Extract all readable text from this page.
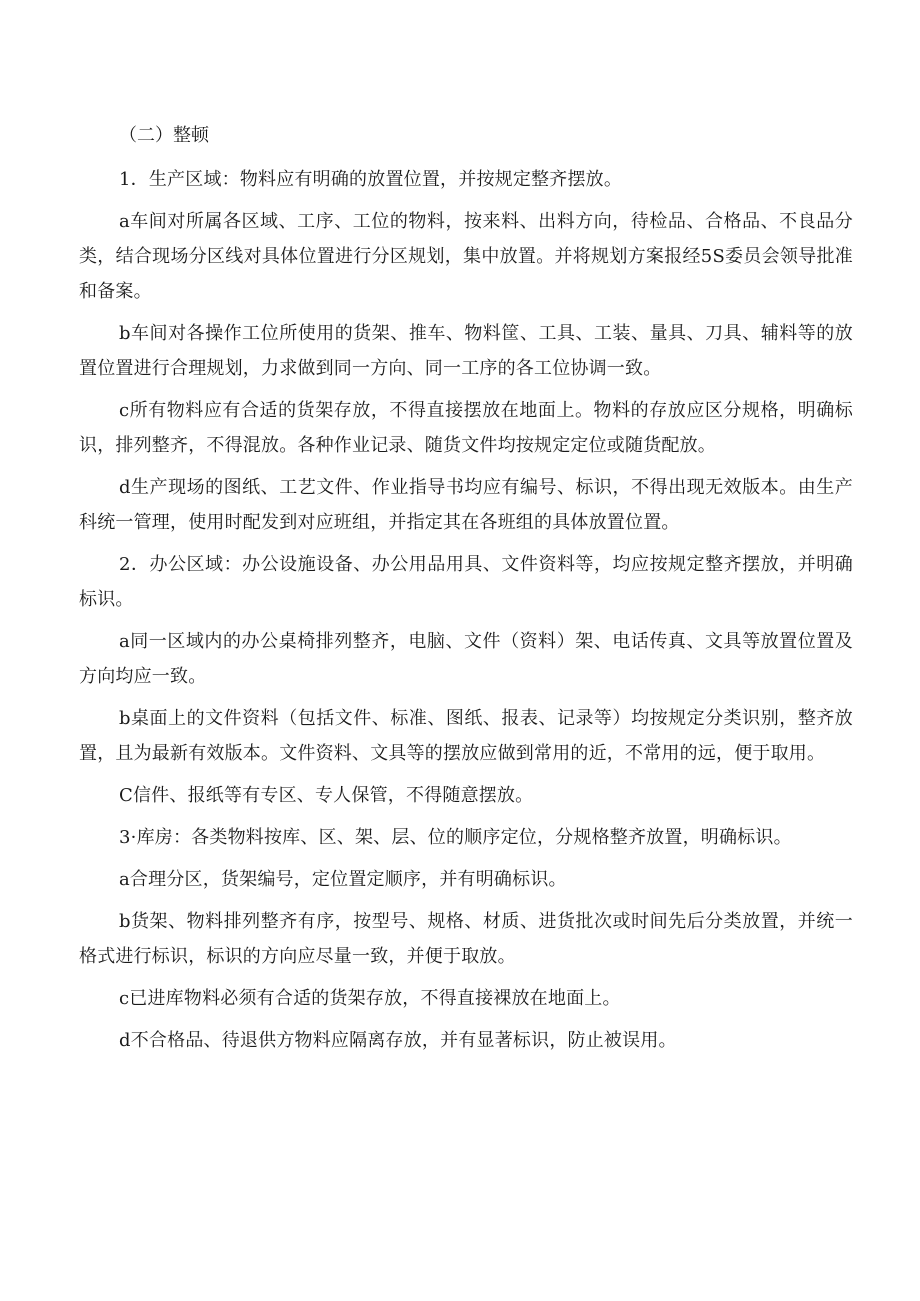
（二）整顿

1．生产区域：物料应有明确的放置位置，并按规定整齐摆放。

a车间对所属各区域、工序、工位的物料，按来料、出料方向，待检品、合格品、不良品分类，结合现场分区线对具体位置进行分区规划，集中放置。并将规划方案报经5S委员会领导批准和备案。

b车间对各操作工位所使用的货架、推车、物料筐、工具、工装、量具、刀具、辅料等的放置位置进行合理规划，力求做到同一方向、同一工序的各工位协调一致。

c所有物料应有合适的货架存放，不得直接摆放在地面上。物料的存放应区分规格，明确标识，排列整齐，不得混放。各种作业记录、随货文件均按规定定位或随货配放。

d生产现场的图纸、工艺文件、作业指导书均应有编号、标识，不得出现无效版本。由生产科统一管理，使用时配发到对应班组，并指定其在各班组的具体放置位置。

2．办公区域：办公设施设备、办公用品用具、文件资料等，均应按规定整齐摆放，并明确标识。

a同一区域内的办公桌椅排列整齐，电脑、文件（资料）架、电话传真、文具等放置位置及方向均应一致。

b桌面上的文件资料（包括文件、标准、图纸、报表、记录等）均按规定分类识别，整齐放置，且为最新有效版本。文件资料、文具等的摆放应做到常用的近，不常用的远，便于取用。

C信件、报纸等有专区、专人保管，不得随意摆放。

3·库房：各类物料按库、区、架、层、位的顺序定位，分规格整齐放置，明确标识。

a合理分区，货架编号，定位置定顺序，并有明确标识。

b货架、物料排列整齐有序，按型号、规格、材质、进货批次或时间先后分类放置，并统一格式进行标识，标识的方向应尽量一致，并便于取放。

c已进库物料必须有合适的货架存放，不得直接裸放在地面上。

d不合格品、待退供方物料应隔离存放，并有显著标识，防止被误用。
